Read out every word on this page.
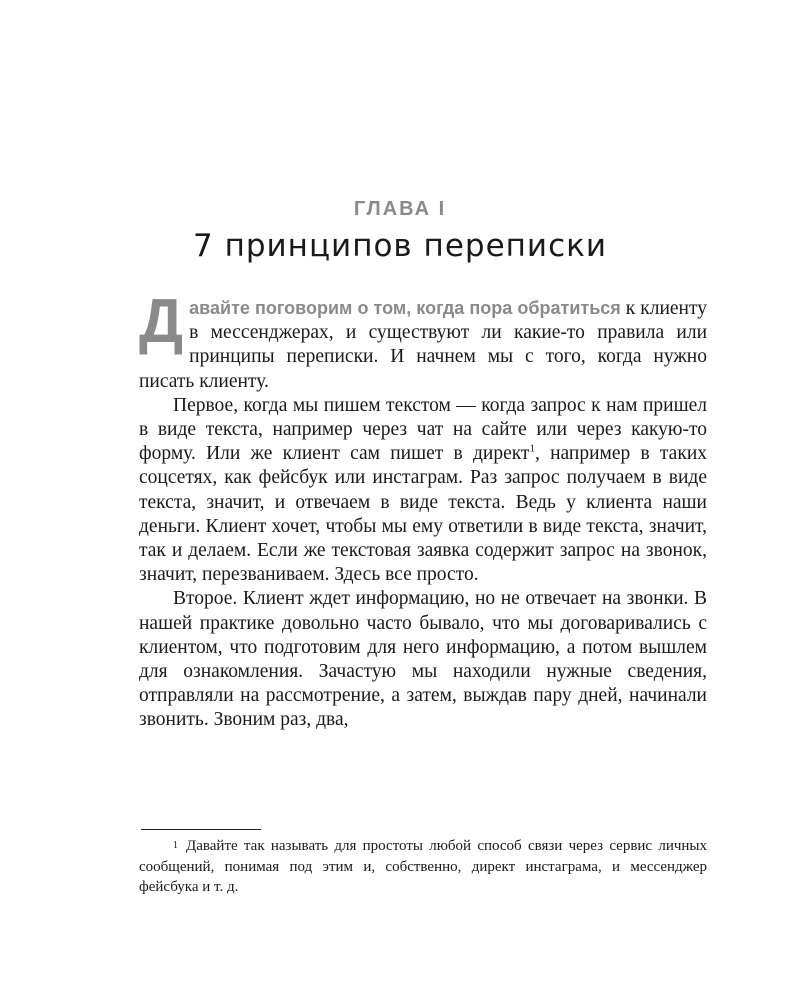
ГЛАВА I
7 принципов переписки

Давайте поговорим о том, когда пора обратиться к клиенту в мессенджерах, и существуют ли какие-то правила или принципы переписки. И начнем мы с того, когда нужно писать клиенту.

Первое, когда мы пишем текстом — когда запрос к нам пришел в виде текста, например через чат на сайте или через какую-то форму. Или же клиент сам пишет в директ$^1$, например в таких соцсетях, как фейсбук или инстаграм. Раз запрос получаем в виде текста, значит, и отвечаем в виде текста. Ведь у клиента наши деньги. Клиент хочет, чтобы мы ему ответили в виде текста, значит, так и делаем. Если же текстовая заявка содержит запрос на звонок, значит, перезваниваем. Здесь все просто.

Второе. Клиент ждет информацию, но не отвечает на звонки. В нашей практике довольно часто бывало, что мы договаривались с клиентом, что подготовим для него информацию, а потом вышлем для ознакомления. Зачастую мы находили нужные сведения, отправляли на рассмотрение, а затем, выждав пару дней, начинали звонить. Звоним раз, два,

$^1$ Давайте так называть для простоты любой способ связи через сервис личных сообщений, понимая под этим и, собственно, директ инстаграма, и мессенджер фейсбука и т. д.
